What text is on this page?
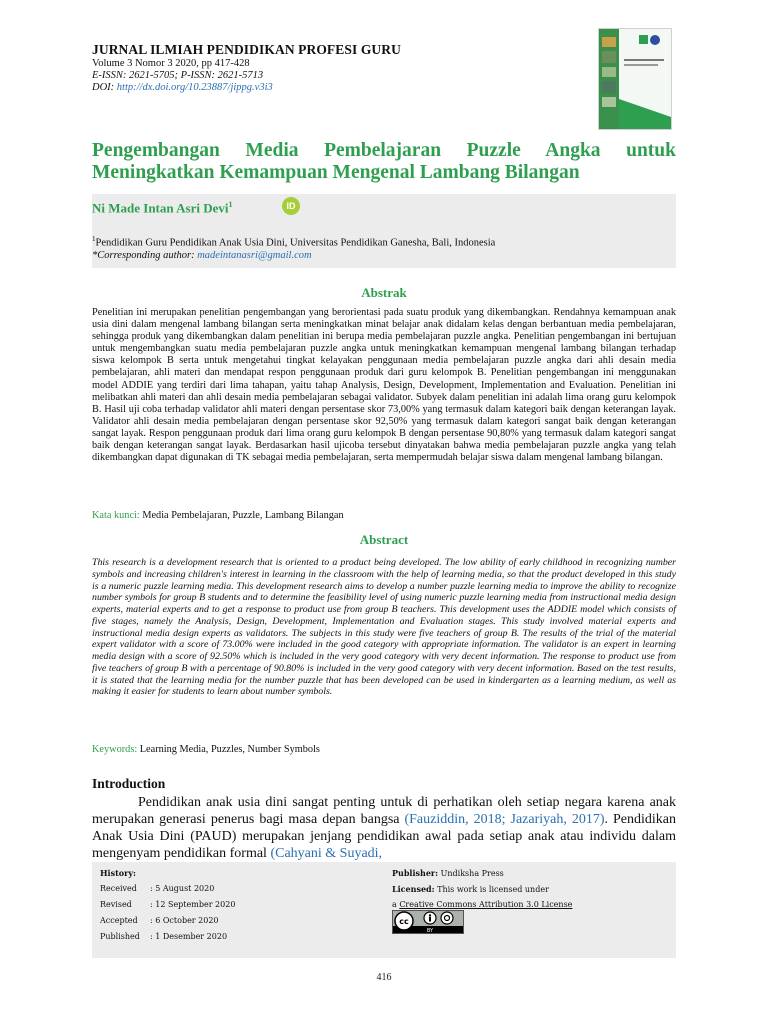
JURNAL ILMIAH PENDIDIKAN PROFESI GURU
Volume 3 Nomor 3 2020, pp 417-428
E-ISSN: 2621-5705; P-ISSN: 2621-5713
DOI: http://dx.doi.org/10.23887/jippg.v3i3
Pengembangan Media Pembelajaran Puzzle Angka untuk Meningkatkan Kemampuan Mengenal Lambang Bilangan
Ni Made Intan Asri Devi$^1$	ID
$^1$Pendidikan Guru Pendidikan Anak Usia Dini, Universitas Pendidikan Ganesha, Bali, Indonesia
*Corresponding author: madeintanasri@gmail.com
Abstrak
Penelitian ini merupakan penelitian pengembangan yang berorientasi pada suatu produk yang dikembangkan. Rendahnya kemampuan anak usia dini dalam mengenal lambang bilangan serta meningkatkan minat belajar anak didalam kelas dengan berbantuan media pembelajaran, sehingga produk yang dikembangkan dalam penelitian ini berupa media pembelajaran puzzle angka. Penelitian pengembangan ini bertujuan untuk mengembangkan suatu media pembelajaran puzzle angka untuk meningkatkan kemampuan mengenal lambang bilangan terhadap siswa kelompok B serta untuk mengetahui tingkat kelayakan penggunaan media pembelajaran puzzle angka dari ahli desain media pembelajaran, ahli materi dan mendapat respon penggunaan produk dari guru kelompok B. Penelitian pengembangan ini menggunakan model ADDIE yang terdiri dari lima tahapan, yaitu tahap Analysis, Design, Development, Implementation and Evaluation. Penelitian ini melibatkan ahli materi dan ahli desain media pembelajaran sebagai validator. Subyek dalam penelitian ini adalah lima orang guru kelompok B. Hasil uji coba terhadap validator ahli materi dengan persentase skor 73,00% yang termasuk dalam kategori baik dengan keterangan layak. Validator ahli desain media pembelajaran dengan persentase skor 92,50% yang termasuk dalam kategori sangat baik dengan keterangan sangat layak. Respon penggunaan produk dari lima orang guru kelompok B dengan persentase 90,80% yang termasuk dalam kategori sangat baik dengan keterangan sangat layak. Berdasarkan hasil ujicoba tersebut dinyatakan bahwa media pembelajaran puzzle angka yang telah dikembangkan dapat digunakan di TK sebagai media pembelajaran, serta mempermudah belajar siswa dalam mengenal lambang bilangan.
Kata kunci: Media Pembelajaran, Puzzle, Lambang Bilangan
Abstract
This research is a development research that is oriented to a product being developed. The low ability of early childhood in recognizing number symbols and increasing children's interest in learning in the classroom with the help of learning media, so that the product developed in this study is a numeric puzzle learning media. This development research aims to develop a number puzzle learning media to improve the ability to recognize number symbols for group B students and to determine the feasibility level of using numeric puzzle learning media from instructional media design experts, material experts and to get a response to product use from group B teachers. This development uses the ADDIE model which consists of five stages, namely the Analysis, Design, Development, Implementation and Evaluation stages. This study involved material experts and instructional media design experts as validators. The subjects in this study were five teachers of group B. The results of the trial of the material expert validator with a score of 73.00% were included in the good category with appropriate information. The validator is an expert in learning media design with a score of 92.50% which is included in the very good category with very decent information. The response to product use from five teachers of group B with a percentage of 90.80% is included in the very good category with very decent information. Based on the test results, it is stated that the learning media for the number puzzle that has been developed can be used in kindergarten as a learning medium, as well as making it easier for students to learn about number symbols.
Keywords: Learning Media, Puzzles, Number Symbols
Introduction
Pendidikan anak usia dini sangat penting untuk di perhatikan oleh setiap negara karena anak merupakan generasi penerus bagi masa depan bangsa (Fauziddin, 2018; Jazariyah, 2017). Pendidikan Anak Usia Dini (PAUD) merupakan jenjang pendidikan awal pada setiap anak atau individu dalam mengenyam pendidikan formal (Cahyani & Suyadi,
History:
Received : 5 August 2020
Revised : 12 September 2020
Accepted : 6 October 2020
Published : 1 Desember 2020
Publisher: Undiksha Press
Licensed: This work is licensed under
a Creative Commons Attribution 3.0 License
cc
BY
416
